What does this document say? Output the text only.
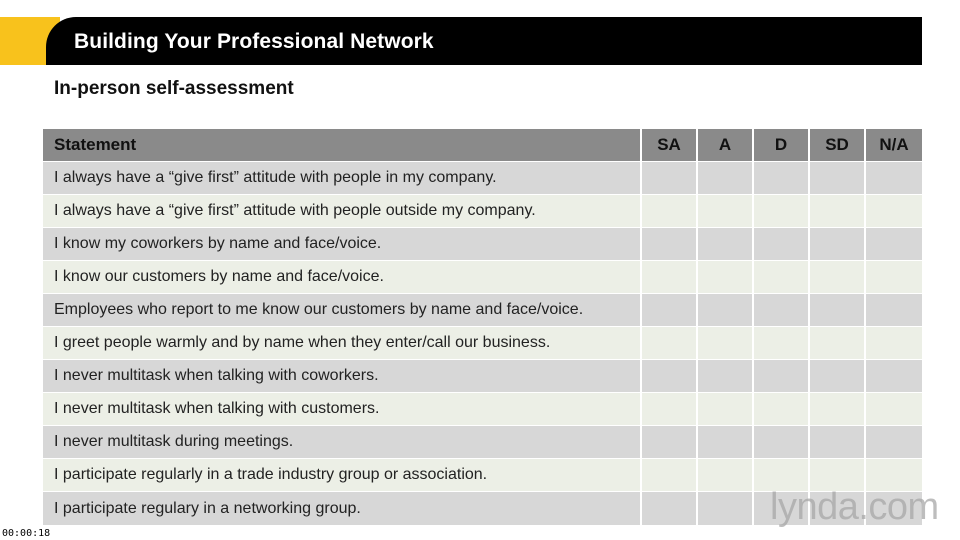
Building Your Professional Network
In-person self-assessment
Statement	SA	A	D	SD	N/A
I always have a “give first” attitude with people in my company.
I always have a “give first” attitude with people outside my company.
I know my coworkers by name and face/voice.
I know our customers by name and face/voice.
Employees who report to me know our customers by name and face/voice.
I greet people warmly and by name when they enter/call our business.
I never multitask when talking with coworkers.
I never multitask when talking with customers.
I never multitask during meetings.
I participate regularly in a trade industry group or association.
I participate regulary in a networking group.	lynda.com
00:00:18
